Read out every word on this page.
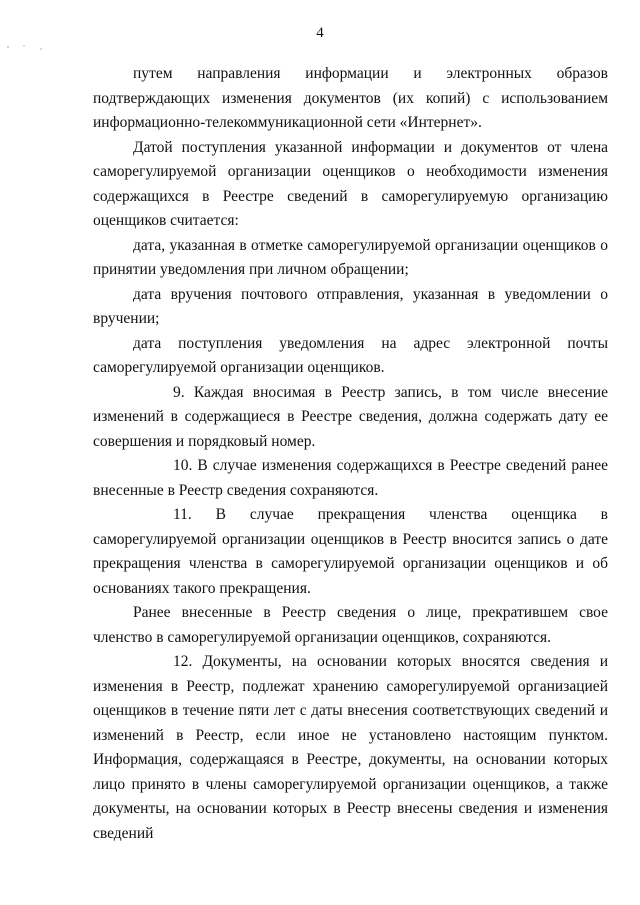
4

путем направления информации и электронных образов подтверждающих изменения документов (их копий) с использованием информационно-телекоммуникационной сети «Интернет».

Датой поступления указанной информации и документов от члена саморегулируемой организации оценщиков о необходимости изменения содержащихся в Реестре сведений в саморегулируемую организацию оценщиков считается:

дата, указанная в отметке саморегулируемой организации оценщиков о принятии уведомления при личном обращении;

дата вручения почтового отправления, указанная в уведомлении о вручении;

дата поступления уведомления на адрес электронной почты саморегулируемой организации оценщиков.

9. Каждая вносимая в Реестр запись, в том числе внесение изменений в содержащиеся в Реестре сведения, должна содержать дату ее совершения и порядковый номер.

10. В случае изменения содержащихся в Реестре сведений ранее внесенные в Реестр сведения сохраняются.

11. В случае прекращения членства оценщика в саморегулируемой организации оценщиков в Реестр вносится запись о дате прекращения членства в саморегулируемой организации оценщиков и об основаниях такого прекращения.

Ранее внесенные в Реестр сведения о лице, прекратившем свое членство в саморегулируемой организации оценщиков, сохраняются.

12. Документы, на основании которых вносятся сведения и изменения в Реестр, подлежат хранению саморегулируемой организацией оценщиков в течение пяти лет с даты внесения соответствующих сведений и изменений в Реестр, если иное не установлено настоящим пунктом. Информация, содержащаяся в Реестре, документы, на основании которых лицо принято в члены саморегулируемой организации оценщиков, а также документы, на основании которых в Реестр внесены сведения и изменения сведений
